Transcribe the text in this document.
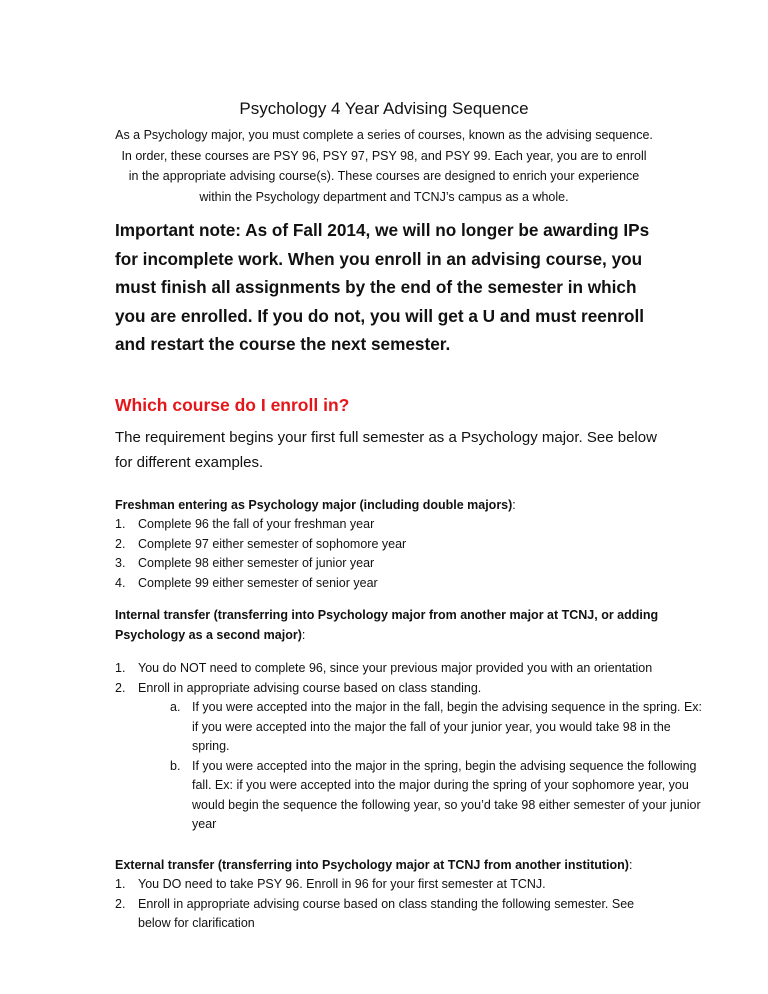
Psychology 4 Year Advising Sequence
As a Psychology major, you must complete a series of courses, known as the advising sequence. In order, these courses are PSY 96, PSY 97, PSY 98, and PSY 99. Each year, you are to enroll in the appropriate advising course(s). These courses are designed to enrich your experience within the Psychology department and TCNJ’s campus as a whole.
Important note: As of Fall 2014, we will no longer be awarding IPs for incomplete work. When you enroll in an advising course, you must finish all assignments by the end of the semester in which you are enrolled. If you do not, you will get a U and must reenroll and restart the course the next semester.
Which course do I enroll in?
The requirement begins your first full semester as a Psychology major. See below for different examples.
Freshman entering as Psychology major (including double majors):
1. Complete 96 the fall of your freshman year
2. Complete 97 either semester of sophomore year
3. Complete 98 either semester of junior year
4. Complete 99 either semester of senior year
Internal transfer (transferring into Psychology major from another major at TCNJ, or adding Psychology as a second major):
1. You do NOT need to complete 96, since your previous major provided you with an orientation
2. Enroll in appropriate advising course based on class standing.
a. If you were accepted into the major in the fall, begin the advising sequence in the spring. Ex: if you were accepted into the major the fall of your junior year, you would take 98 in the spring.
b. If you were accepted into the major in the spring, begin the advising sequence the following fall. Ex: if you were accepted into the major during the spring of your sophomore year, you would begin the sequence the following year, so you’d take 98 either semester of your junior year
External transfer (transferring into Psychology major at TCNJ from another institution):
1. You DO need to take PSY 96. Enroll in 96 for your first semester at TCNJ.
2. Enroll in appropriate advising course based on class standing the following semester. See below for clarification
